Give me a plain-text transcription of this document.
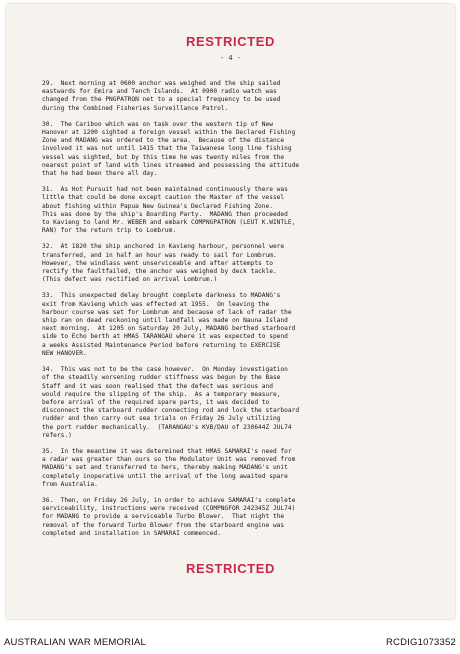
RESTRICTED
- 4 -
29.  Next morning at 0600 anchor was weighed and the ship sailed
eastwards for Emira and Tench Islands.  At 0900 radio watch was
changed from the PNGPATRON net to a special frequency to be used
during the Combined Fisheries Surveillance Patrol.
30.  The Cariboo which was on task over the western tip of New
Hanover at 1200 sighted a foreign vessel within the Declared Fishing
Zone and MADANG was ordered to the area.  Because of the distance
involved it was not until 1415 that the Taiwanese long line fishing
vessel was sighted, but by this time he was twenty miles from the
nearest point of land with lines streamed and possessing the attitude
that he had been there all day.
31.  As Hot Pursuit had not been maintained continuously there was
little that could be done except caution the Master of the vessel
about fishing within Papua New Guinea's Declared Fishing Zone.
This was done by the ship's Boarding Party.  MADANG then proceeded
to Kavieng to land Mr. WEBER and embark COMPNGPATRON (LEUT K.WINTLE,
RAN) for the return trip to Lombrum.
32.  At 1820 the ship anchored in Kavieng harbour, personnel were
transferred, and in half an hour was ready to sail for Lombrum.
However, the windlass went unserviceable and after attempts to
rectify the faultfailed, the anchor was weighed by deck tackle.
(This defect was rectified on arrival Lombrum.)
33.  This unexpected delay brought complete darkness to MADANG's
exit from Kavieng which was effected at 1955.  On leaving the
harbour course was set for Lombrum and because of lack of radar the
ship ran on dead reckoning until landfall was made on Nauna Island
next morning.  At 1205 on Saturday 20 July, MADANG berthed starboard
side to Echo berth at HMAS TARANGAU where it was expected to spend
a weeks Assisted Maintenance Period before returning to EXERCISE
NEW HANOVER.
34.  This was not to be the case however.  On Monday investigation
of the steadily worsening rudder stiffness was begun by the Base
Staff and it was soon realised that the defect was serious and
would require the slipping of the ship.  As a temporary measure,
before arrival of the required spare parts, it was decided to
disconnect the starboard rudder connecting rod and lock the starboard
rudder and then carry out sea trials on Friday 26 July utilizing
the port rudder mechanically.  (TARANGAU's KVB/DAU of 230644Z JUL74
refers.)
35.  In the meantime it was determined that HMAS SAMARAI's need for
a radar was greater than ours so the Modulator Unit was removed from
MADANG's set and transferred to hers, thereby making MADANG's unit
completely inoperative until the arrival of the long awaited spare
from Australia.
36.  Then, on Friday 26 July, in order to achieve SAMARAI's complete
serviceability, instructions were received (COMPNGFOR 242345Z JUL74)
for MADANG to provide a serviceable Turbo Blower.  That night the
removal of the forward Turbo Blower from the starboard engine was
completed and installation in SAMARAI commenced.
RESTRICTED
AUSTRALIAN WAR MEMORIAL	RCDIG1073352
